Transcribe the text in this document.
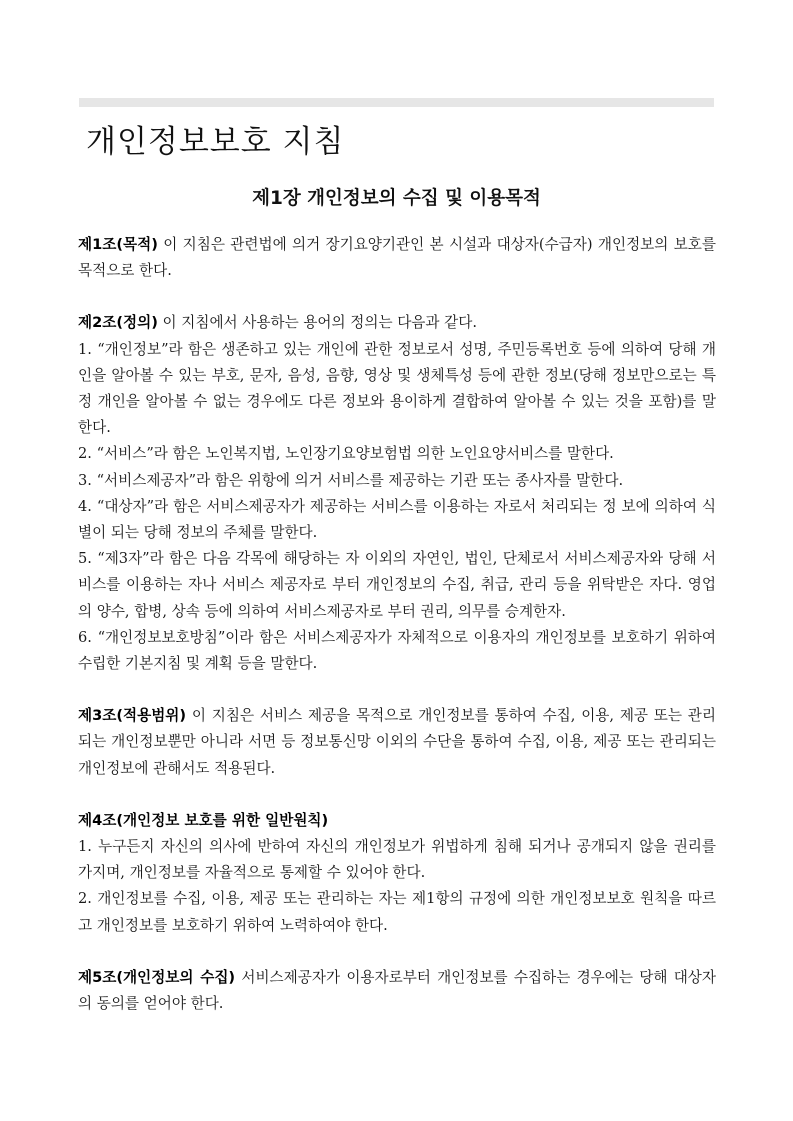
개인정보보호 지침
제1장 개인정보의 수집 및 이용목적

제1조(목적) 이 지침은 관련법에 의거 장기요양기관인 본 시설과 대상자(수급자) 개인정보의 보호를 목적으로 한다.

제2조(정의) 이 지침에서 사용하는 용어의 정의는 다음과 같다.

1. “개인정보”라 함은 생존하고 있는 개인에 관한 정보로서 성명, 주민등록번호 등에 의하여 당해 개인을 알아볼 수 있는 부호, 문자, 음성, 음향, 영상 및 생체특성 등에 관한 정보(당해 정보만으로는 특정 개인을 알아볼 수 없는 경우에도 다른 정보와 용이하게 결합하여 알아볼 수 있는 것을 포함)를 말한다.

2. “서비스”라 함은 노인복지법, 노인장기요양보험법 의한 노인요양서비스를 말한다.

3. “서비스제공자”라 함은 위항에 의거 서비스를 제공하는 기관 또는 종사자를 말한다.

4. “대상자”라 함은 서비스제공자가 제공하는 서비스를 이용하는 자로서 처리되는 정 보에 의하여 식별이 되는 당해 정보의 주체를 말한다.

5. “제3자”라 함은 다음 각목에 해당하는 자 이외의 자연인, 법인, 단체로서 서비스제공자와 당해 서비스를 이용하는 자나 서비스 제공자로 부터 개인정보의 수집, 취급, 관리 등을 위탁받은 자다. 영업의 양수, 합병, 상속 등에 의하여 서비스제공자로 부터 권리, 의무를 승계한자.

6. “개인정보보호방침”이라 함은 서비스제공자가 자체적으로 이용자의 개인정보를 보호하기 위하여 수립한 기본지침 및 계획 등을 말한다.

제3조(적용범위) 이 지침은 서비스 제공을 목적으로 개인정보를 통하여 수집, 이용, 제공 또는 관리되는 개인정보뿐만 아니라 서면 등 정보통신망 이외의 수단을 통하여 수집, 이용, 제공 또는 관리되는 개인정보에 관해서도 적용된다.

제4조(개인정보 보호를 위한 일반원칙)

1. 누구든지 자신의 의사에 반하여 자신의 개인정보가 위법하게 침해 되거나 공개되지 않을 권리를 가지며, 개인정보를 자율적으로 통제할 수 있어야 한다.

2. 개인정보를 수집, 이용, 제공 또는 관리하는 자는 제1항의 규정에 의한 개인정보보호 원칙을 따르고 개인정보를 보호하기 위하여 노력하여야 한다.

제5조(개인정보의 수집) 서비스제공자가 이용자로부터 개인정보를 수집하는 경우에는 당해 대상자의 동의를 얻어야 한다.
